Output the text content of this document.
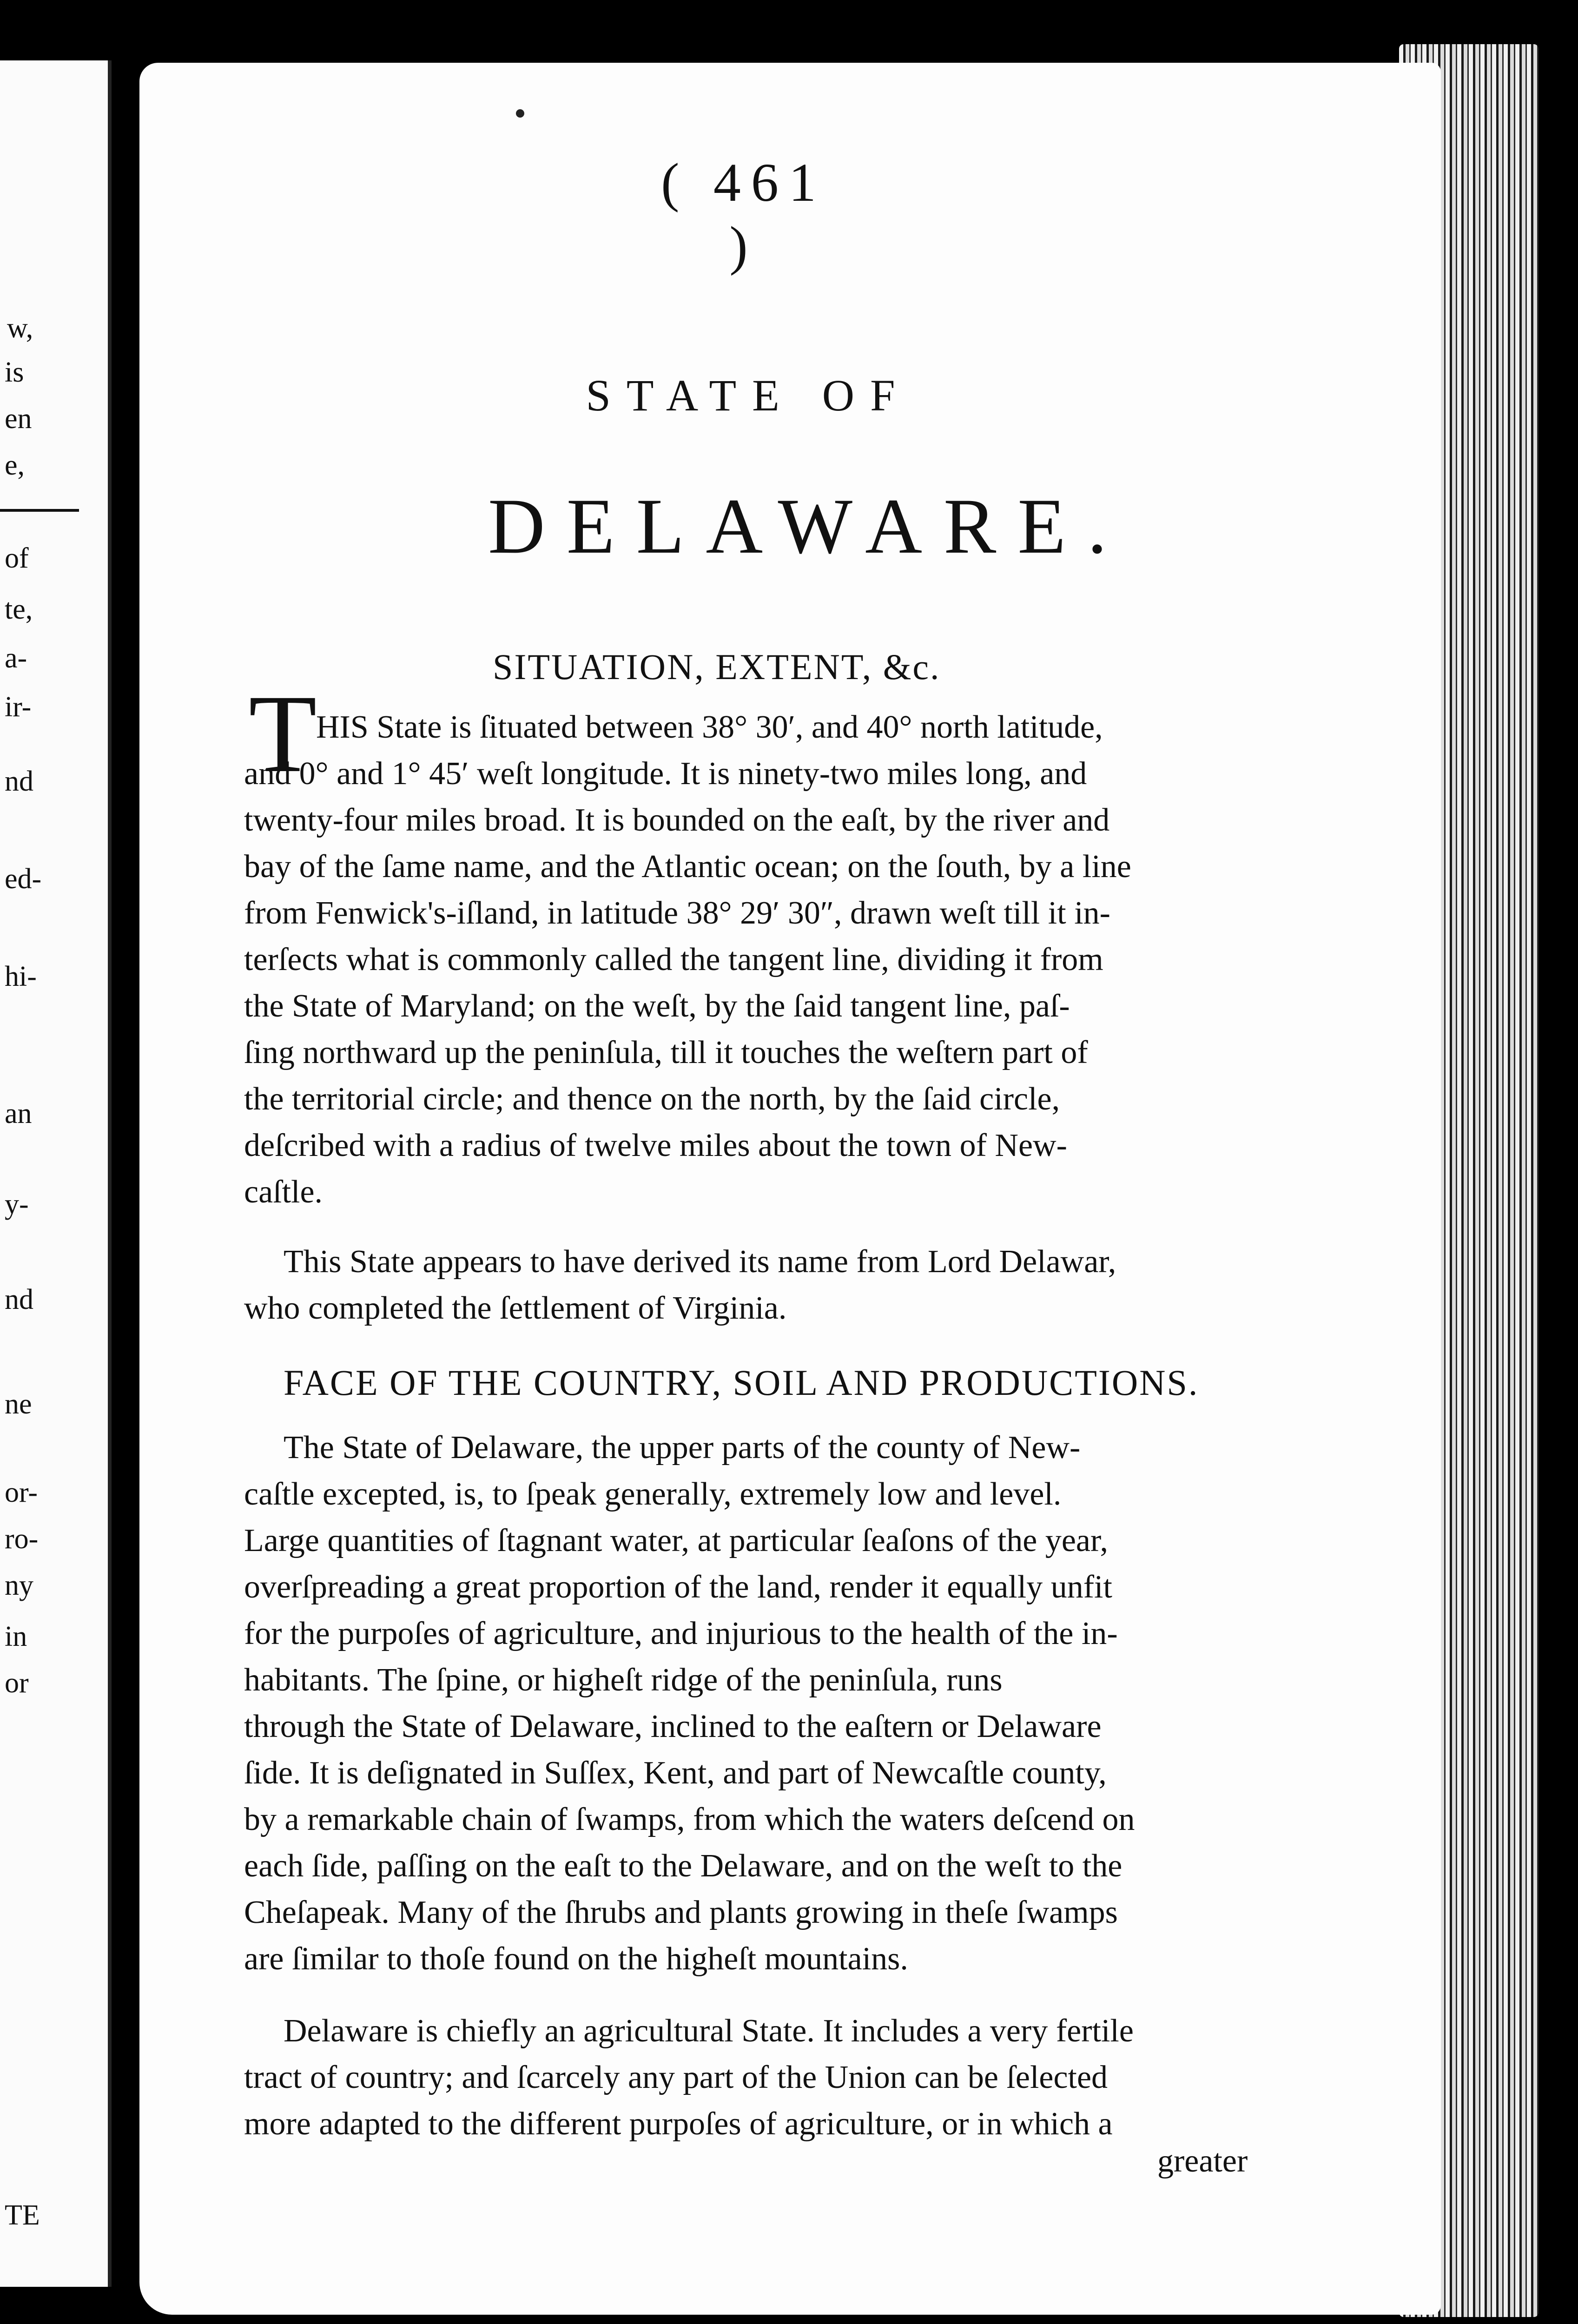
w,
is
en
e,
of
te,
a-
ir-
nd
ed-
hi-
an
y-
nd
ne
or-
ro-
ny
in
or
TE
( 461 )
STATE OF
DELAWARE.
SITUATION, EXTENT, &c.
T
HIS State is ſituated between 38° 30′, and 40° north latitude,
and 0° and 1° 45′ weſt longitude. It is ninety-two miles long, and
twenty-four miles broad. It is bounded on the eaſt, by the river and
bay of the ſame name, and the Atlantic ocean; on the ſouth, by a line
from Fenwick's-iſland, in latitude 38° 29′ 30″, drawn weſt till it in-
terſects what is commonly called the tangent line, dividing it from
the State of Maryland; on the weſt, by the ſaid tangent line, paſ-
ſing northward up the peninſula, till it touches the weſtern part of
the territorial circle; and thence on the north, by the ſaid circle,
deſcribed with a radius of twelve miles about the town of New-
caſtle.
This State appears to have derived its name from Lord Delawar,
who completed the ſettlement of Virginia.
FACE OF THE COUNTRY, SOIL AND PRODUCTIONS.
The State of Delaware, the upper parts of the county of New-
caſtle excepted, is, to ſpeak generally, extremely low and level.
Large quantities of ſtagnant water, at particular ſeaſons of the year,
overſpreading a great proportion of the land, render it equally unfit
for the purpoſes of agriculture, and injurious to the health of the in-
habitants. The ſpine, or higheſt ridge of the peninſula, runs
through the State of Delaware, inclined to the eaſtern or Delaware
ſide. It is deſignated in Suſſex, Kent, and part of Newcaſtle county,
by a remarkable chain of ſwamps, from which the waters deſcend on
each ſide, paſſing on the eaſt to the Delaware, and on the weſt to the
Cheſapeak. Many of the ſhrubs and plants growing in theſe ſwamps
are ſimilar to thoſe found on the higheſt mountains.
Delaware is chiefly an agricultural State. It includes a very fertile
tract of country; and ſcarcely any part of the Union can be ſelected
more adapted to the different purpoſes of agriculture, or in which a
greater
